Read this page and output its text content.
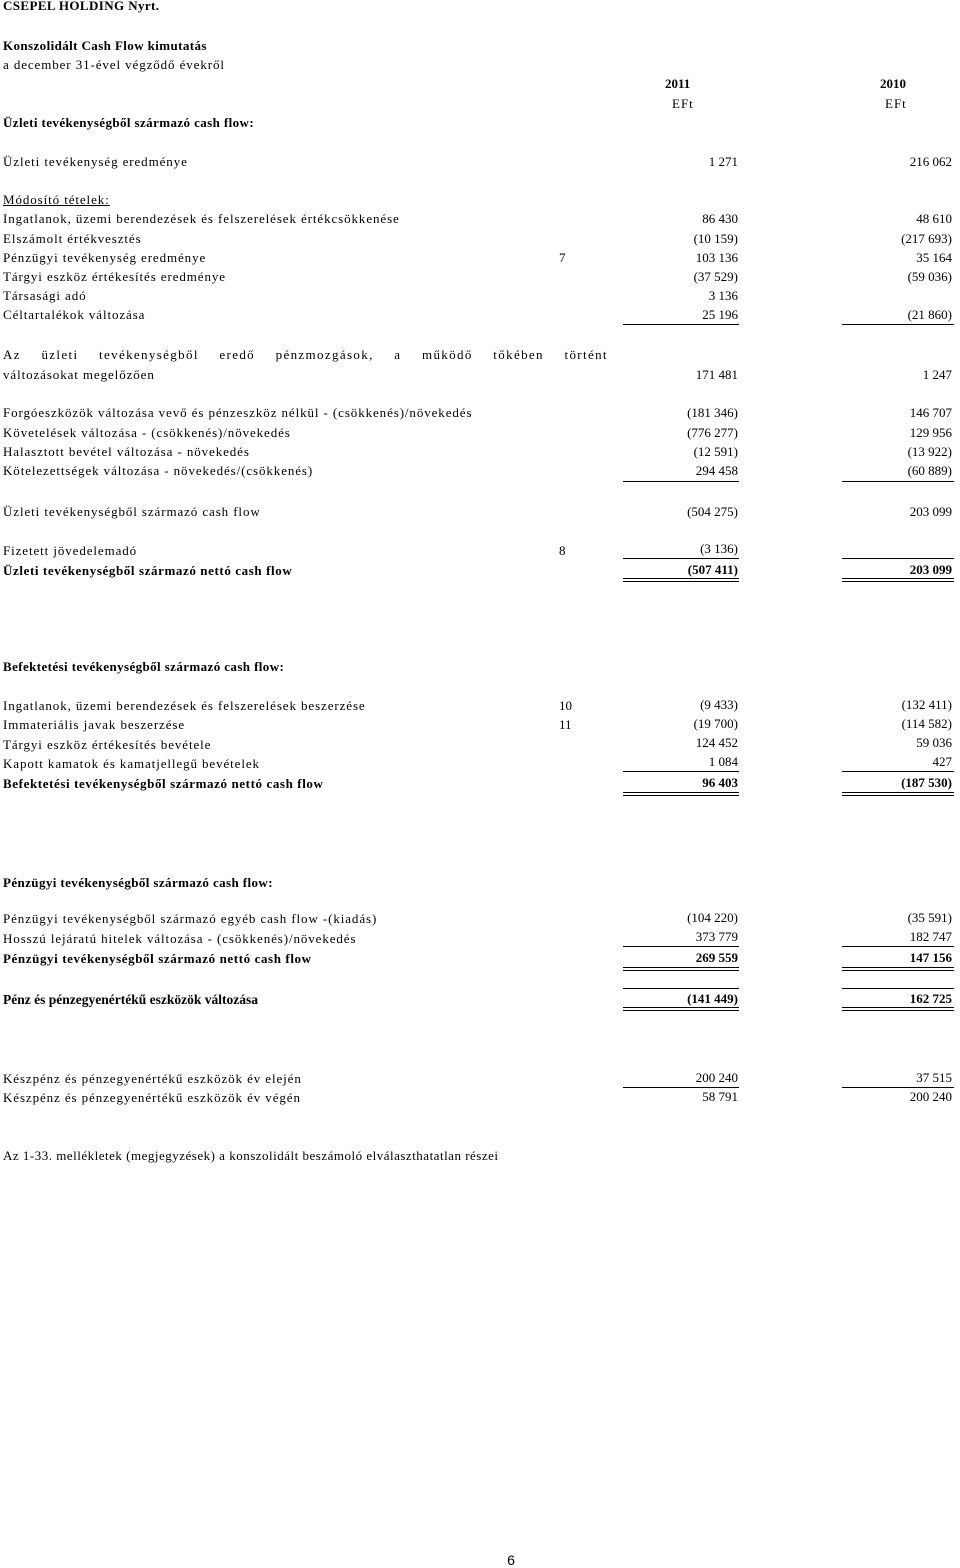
CSEPEL HOLDING Nyrt.
Konszolidált Cash Flow kimutatás
a december 31-ével végződő évekről
2011	2010
EFt	EFt
Üzleti tevékenységből származó cash flow:
Üzleti tevékenység eredménye	1 271	216 062
Módosító tételek:
Ingatlanok, üzemi berendezések és felszerelések értékcsökkenése	86 430	48 610
Elszámolt értékvesztés	(10 159)	(217 693)
Pénzügyi tevékenység eredménye	7	103 136	35 164
Tárgyi eszköz értékesítés eredménye	(37 529)	(59 036)
Társasági adó	3 136
Céltartalékok változása	25 196	(21 860)
Az üzleti tevékenységből eredő pénzmozgások, a működő tőkében történt
változásokat megelőzően	171 481	1 247
Forgóeszközök változása vevő és pénzeszköz nélkül - (csökkenés)/növekedés	(181 346)	146 707
Követelések változása - (csökkenés)/növekedés	(776 277)	129 956
Halasztott bevétel változása - növekedés	(12 591)	(13 922)
Kötelezettségek változása - növekedés/(csökkenés)	294 458	(60 889)
Üzleti tevékenységből származó cash flow	(504 275)	203 099
Fizetett jövedelemadó	8	(3 136)
Üzleti tevékenységből származó nettó cash flow	(507 411)	203 099
Befektetési tevékenységből származó cash flow:
Ingatlanok, üzemi berendezések és felszerelések beszerzése	10	(9 433)	(132 411)
Immateriális javak beszerzése	11	(19 700)	(114 582)
Tárgyi eszköz értékesítés bevétele	124 452	59 036
Kapott kamatok és kamatjellegű bevételek	1 084	427
Befektetési tevékenységből származó nettó cash flow	96 403	(187 530)
Pénzügyi tevékenységből származó cash flow:
Pénzügyi tevékenységből származó egyéb cash flow -(kiadás)	(104 220)	(35 591)
Hosszú lejáratú hitelek változása - (csökkenés)/növekedés	373 779	182 747
Pénzügyi tevékenységből származó nettó cash flow	269 559	147 156
Pénz és pénzegyenértékű eszközök változása	(141 449)	162 725
Készpénz és pénzegyenértékű eszközök év elején	200 240	37 515
Készpénz és pénzegyenértékű eszközök év végén	58 791	200 240
Az 1-33. mellékletek (megjegyzések) a konszolidált beszámoló elválaszthatatlan részei
6
